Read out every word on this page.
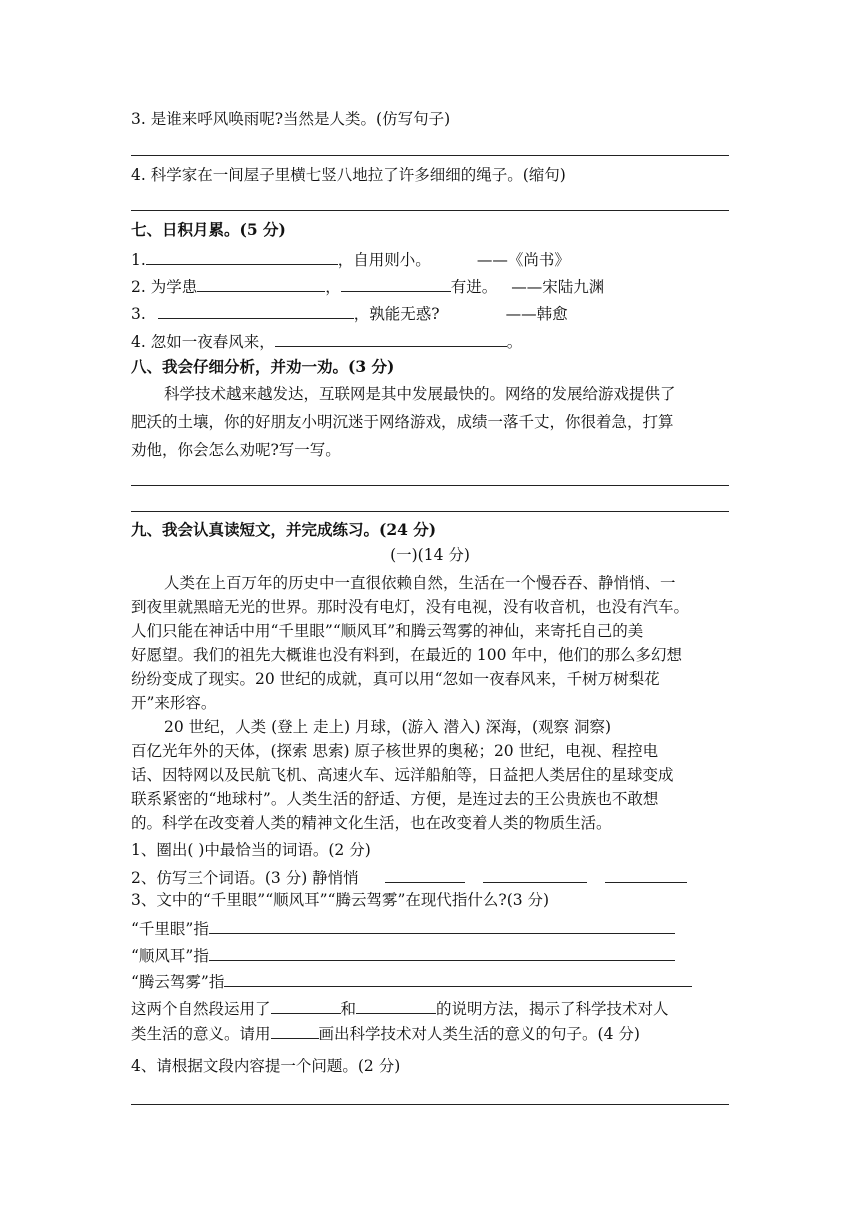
3. 是谁来呼风唤雨呢?当然是人类。(仿写句子)
4. 科学家在一间屋子里横七竖八地拉了许多细细的绳子。(缩句)
七、日积月累。(5 分)
1.	，自用则小。	——《尚书》
2. 为学患	，	有进。 ——宋陆九渊
3.	，孰能无惑?	——韩愈
4. 忽如一夜春风来，	。
八、我会仔细分析，并劝一劝。(3 分)
科学技术越来越发达，互联网是其中发展最快的。网络的发展给游戏提供了
肥沃的土壤，你的好朋友小明沉迷于网络游戏，成绩一落千丈，你很着急，打算
劝他，你会怎么劝呢?写一写。
九、我会认真读短文，并完成练习。(24 分)
(一)(14 分)
人类在上百万年的历史中一直很依赖自然，生活在一个慢吞吞、静悄悄、一
到夜里就黑暗无光的世界。那时没有电灯，没有电视，没有收音机，也没有汽车。
人们只能在神话中用“千里眼”“顺风耳”和腾云驾雾的神仙，来寄托自己的美
好愿望。我们的祖先大概谁也没有料到，在最近的 100 年中，他们的那么多幻想
纷纷变成了现实。20 世纪的成就，真可以用“忽如一夜春风来，千树万树梨花
开”来形容。
20 世纪，人类 (登上 走上) 月球，(游入 潜入) 深海，(观察 洞察)
百亿光年外的天体，(探索 思索) 原子核世界的奥秘；20 世纪，电视、程控电
话、因特网以及民航飞机、高速火车、远洋船舶等，日益把人类居住的星球变成
联系紧密的“地球村”。人类生活的舒适、方便，是连过去的王公贵族也不敢想
的。科学在改变着人类的精神文化生活，也在改变着人类的物质生活。
1、圈出( )中最恰当的词语。(2 分)
2、仿写三个词语。(3 分) 静悄悄
3、文中的“千里眼”“顺风耳”“腾云驾雾”在现代指什么?(3 分)
“千里眼”指
“顺风耳”指
“腾云驾雾”指
这两个自然段运用了	和	的说明方法，揭示了科学技术对人
类生活的意义。请用	画出科学技术对人类生活的意义的句子。(4 分)
4、请根据文段内容提一个问题。(2 分)
